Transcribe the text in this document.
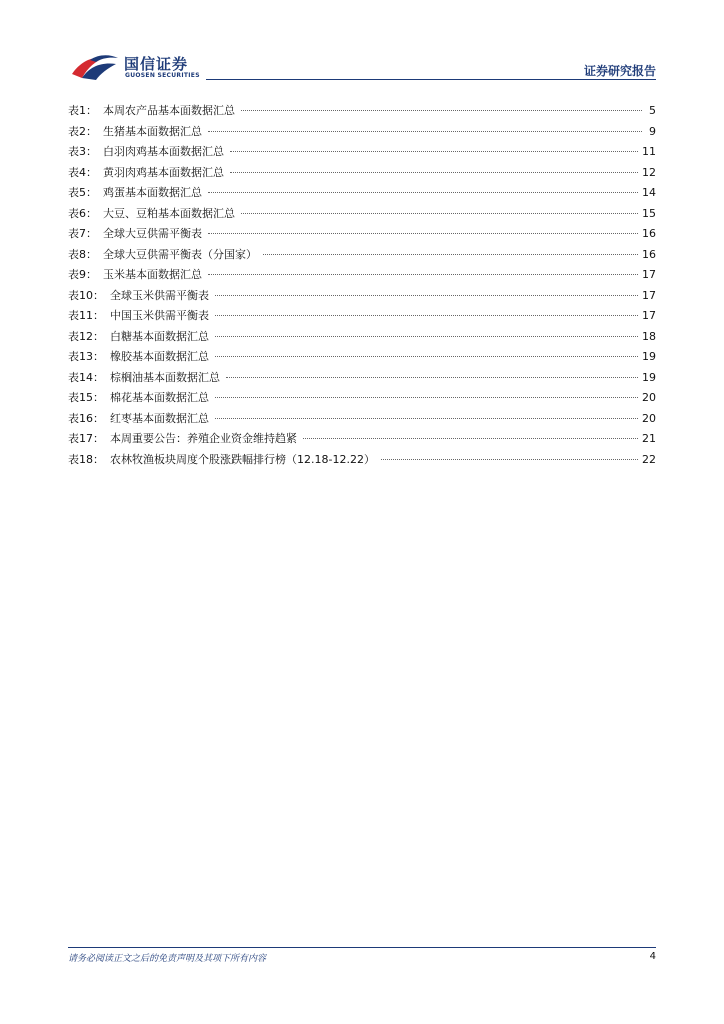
国信证券
GUOSEN SECURITIES	证券研究报告
表1： 本周农产品基本面数据汇总	5
表2： 生猪基本面数据汇总	9
表3： 白羽肉鸡基本面数据汇总	11
表4： 黄羽肉鸡基本面数据汇总	12
表5： 鸡蛋基本面数据汇总	14
表6： 大豆、豆粕基本面数据汇总	15
表7： 全球大豆供需平衡表	16
表8： 全球大豆供需平衡表（分国家）	16
表9： 玉米基本面数据汇总	17
表10： 全球玉米供需平衡表	17
表11： 中国玉米供需平衡表	17
表12： 白糖基本面数据汇总	18
表13： 橡胶基本面数据汇总	19
表14： 棕榈油基本面数据汇总	19
表15： 棉花基本面数据汇总	20
表16： 红枣基本面数据汇总	20
表17： 本周重要公告：养殖企业资金维持趋紧	21
表18： 农林牧渔板块周度个股涨跌幅排行榜（12.18-12.22）	22
请务必阅读正文之后的免责声明及其项下所有内容	4
